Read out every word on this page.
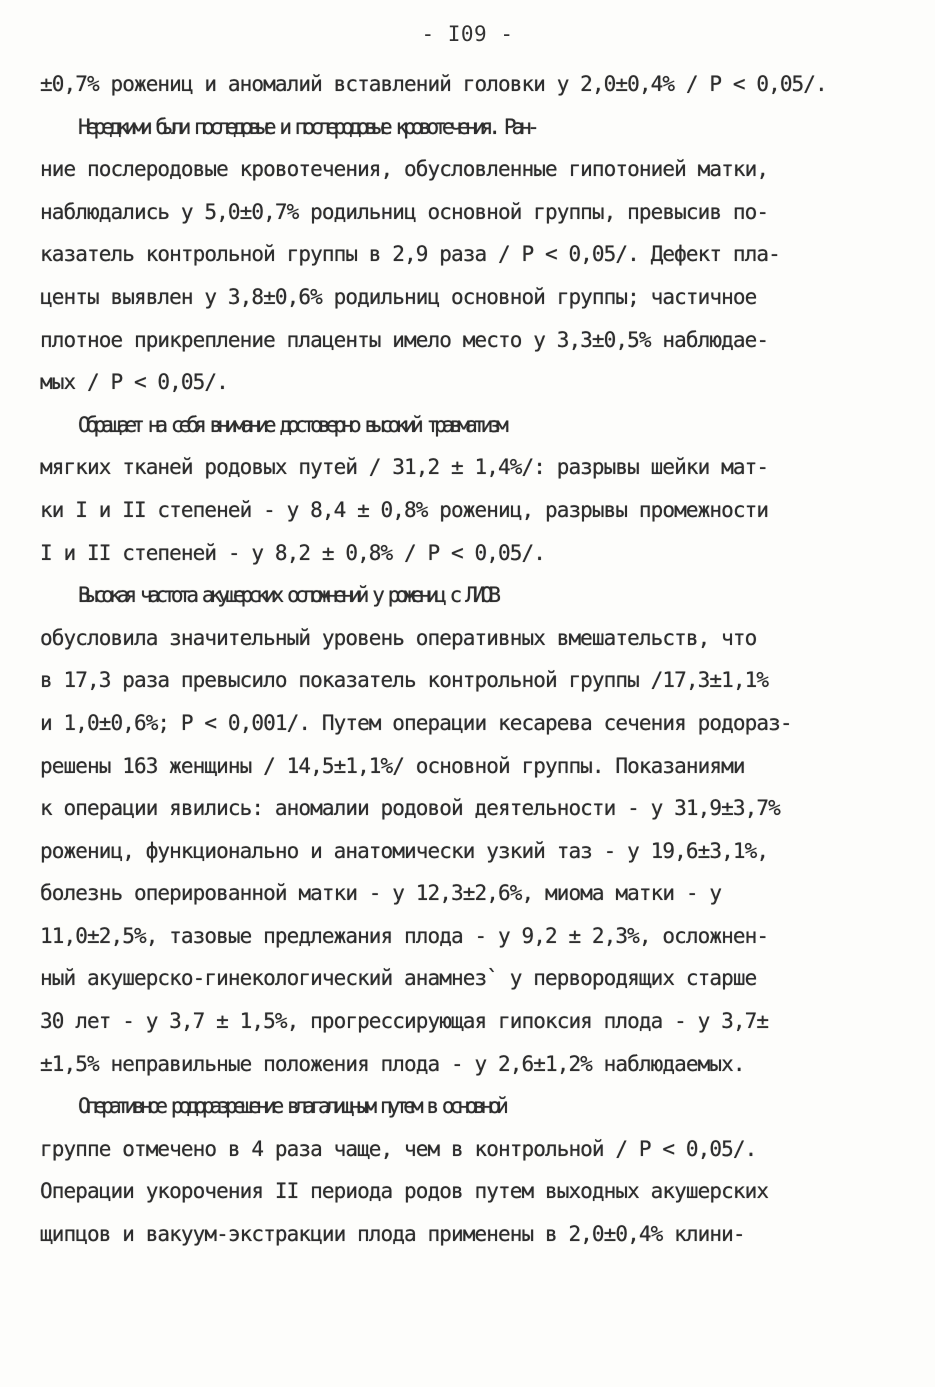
- I09 -
±0,7% рожениц и аномалий вставлений головки у 2,0±0,4% / Р < 0,05/.
Нередкими были последовые и послеродовые кровотечения. Ран-
ние послеродовые кровотечения, обусловленные гипотонией матки,
наблюдались у 5,0±0,7% родильниц основной группы, превысив по-
казатель контрольной группы в 2,9 раза / Р < 0,05/. Дефект пла-
центы выявлен у 3,8±0,6% родильниц основной группы; частичное
плотное прикрепление плаценты имело место у 3,3±0,5% наблюдае-
мых / Р < 0,05/.
Обращает на себя внимание достоверно высокий травматизм
мягких тканей родовых путей / 31,2 ± 1,4%/: разрывы шейки мат-
ки I и II степеней - у 8,4 ± 0,8% рожениц, разрывы промежности
I и II степеней - у 8,2 ± 0,8% / Р < 0,05/.
Высокая частота акушерских осложнений у рожениц с ЛИОВ
обусловила значительный уровень оперативных вмешательств, что
в 17,3 раза превысило показатель контрольной группы /17,3±1,1%
и 1,0±0,6%; Р < 0,001/. Путем операции кесарева сечения родораз-
решены 163 женщины / 14,5±1,1%/ основной группы. Показаниями
к операции явились: аномалии родовой деятельности - у 31,9±3,7%
рожениц, функционально и анатомически узкий таз - у 19,6±3,1%,
болезнь оперированной матки - у 12,3±2,6%, миома матки - у
11,0±2,5%, тазовые предлежания плода - у 9,2 ± 2,3%, осложнен-
ный акушерско-гинекологический анамнез` у первородящих старше
30 лет - у 3,7 ± 1,5%, прогрессирующая гипоксия плода - у 3,7±
±1,5% неправильные положения плода - у 2,6±1,2% наблюдаемых.
Оперативное родоразрешение влагалищным путем в основной
группе отмечено в 4 раза чаще, чем в контрольной / Р < 0,05/.
Операции укорочения II периода родов путем выходных акушерских
щипцов и вакуум-экстракции плода применены в 2,0±0,4% клини-
